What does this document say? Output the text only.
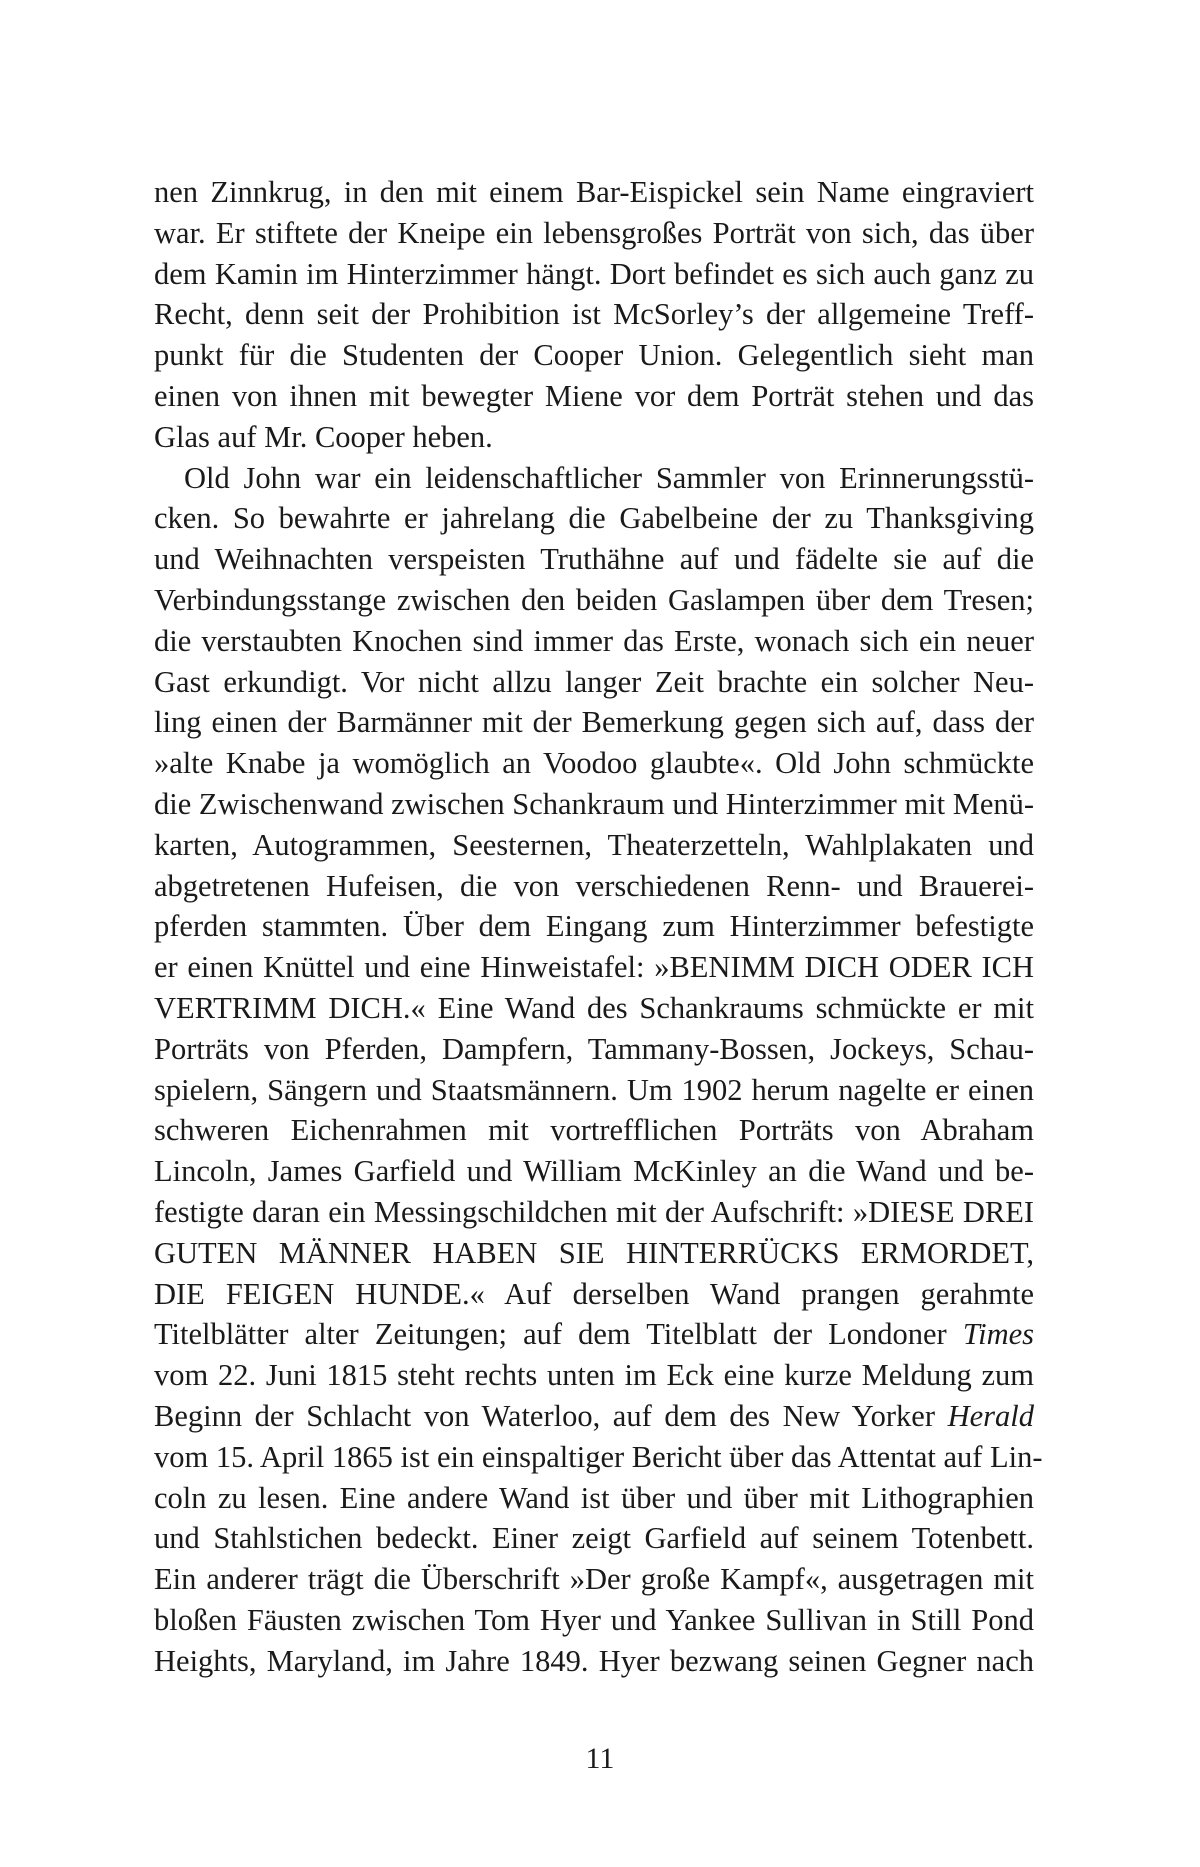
nen Zinnkrug, in den mit einem Bar-Eispickel sein Name eingraviert
war. Er stiftete der Kneipe ein lebensgroßes Porträt von sich, das über
dem Kamin im Hinterzimmer hängt. Dort befindet es sich auch ganz zu
Recht, denn seit der Prohibition ist McSorley’s der allgemeine Treff-
punkt für die Studenten der Cooper Union. Gelegentlich sieht man
einen von ihnen mit bewegter Miene vor dem Porträt stehen und das
Glas auf Mr. Cooper heben.
Old John war ein leidenschaftlicher Sammler von Erinnerungsstü-
cken. So bewahrte er jahrelang die Gabelbeine der zu Thanksgiving
und Weihnachten verspeisten Truthähne auf und fädelte sie auf die
Verbindungsstange zwischen den beiden Gaslampen über dem Tresen;
die verstaubten Knochen sind immer das Erste, wonach sich ein neuer
Gast erkundigt. Vor nicht allzu langer Zeit brachte ein solcher Neu-
ling einen der Barmänner mit der Bemerkung gegen sich auf, dass der
»alte Knabe ja womöglich an Voodoo glaubte«. Old John schmückte
die Zwischenwand zwischen Schankraum und Hinterzimmer mit Menü-
karten, Autogrammen, Seesternen, Theaterzetteln, Wahlplakaten und
abgetretenen Hufeisen, die von verschiedenen Renn- und Brauerei-
pferden stammten. Über dem Eingang zum Hinterzimmer befestigte
er einen Knüttel und eine Hinweistafel: »BENIMM DICH ODER ICH
VERTRIMM DICH.« Eine Wand des Schankraums schmückte er mit
Porträts von Pferden, Dampfern, Tammany-Bossen, Jockeys, Schau-
spielern, Sängern und Staatsmännern. Um 1902 herum nagelte er einen
schweren Eichenrahmen mit vortrefflichen Porträts von Abraham
Lincoln, James Garfield und William McKinley an die Wand und be-
festigte daran ein Messingschildchen mit der Aufschrift: »DIESE DREI
GUTEN MÄNNER HABEN SIE HINTERRÜCKS ERMORDET,
DIE FEIGEN HUNDE.« Auf derselben Wand prangen gerahmte
Titelblätter alter Zeitungen; auf dem Titelblatt der Londoner Times
vom 22. Juni 1815 steht rechts unten im Eck eine kurze Meldung zum
Beginn der Schlacht von Waterloo, auf dem des New Yorker Herald
vom 15. April 1865 ist ein einspaltiger Bericht über das Attentat auf Lin-
coln zu lesen. Eine andere Wand ist über und über mit Lithographien
und Stahlstichen bedeckt. Einer zeigt Garfield auf seinem Totenbett.
Ein anderer trägt die Überschrift »Der große Kampf«, ausgetragen mit
bloßen Fäusten zwischen Tom Hyer und Yankee Sullivan in Still Pond
Heights, Maryland, im Jahre 1849. Hyer bezwang seinen Gegner nach
11
